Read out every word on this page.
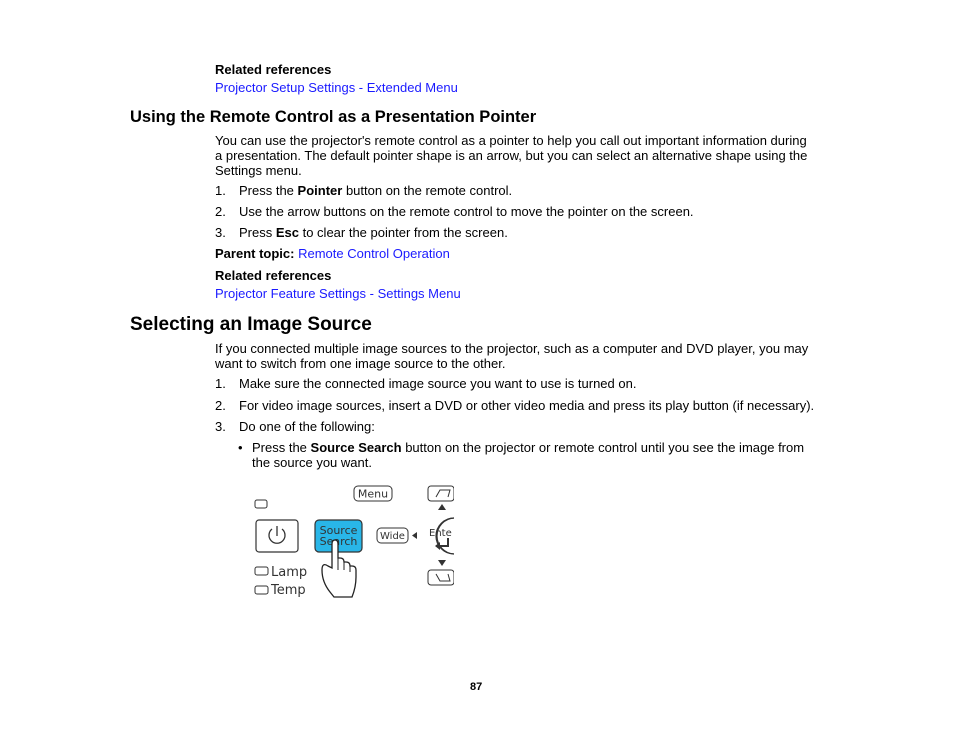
Related references
Projector Setup Settings - Extended Menu
Using the Remote Control as a Presentation Pointer
You can use the projector's remote control as a pointer to help you call out important information during
a presentation. The default pointer shape is an arrow, but you can select an alternative shape using the
Settings menu.
1. Press the Pointer button on the remote control.
2. Use the arrow buttons on the remote control to move the pointer on the screen.
3. Press Esc to clear the pointer from the screen.
Parent topic: Remote Control Operation
Related references
Projector Feature Settings - Settings Menu
Selecting an Image Source
If you connected multiple image sources to the projector, such as a computer and DVD player, you may
want to switch from one image source to the other.
1. Make sure the connected image source you want to use is turned on.
2. For video image sources, insert a DVD or other video media and press its play button (if necessary).
3. Do one of the following:
• Press the Source Search button on the projector or remote control until you see the image from
the source you want.
Source
Search
Menu
Wide Ente
Lamp
Temp
87
